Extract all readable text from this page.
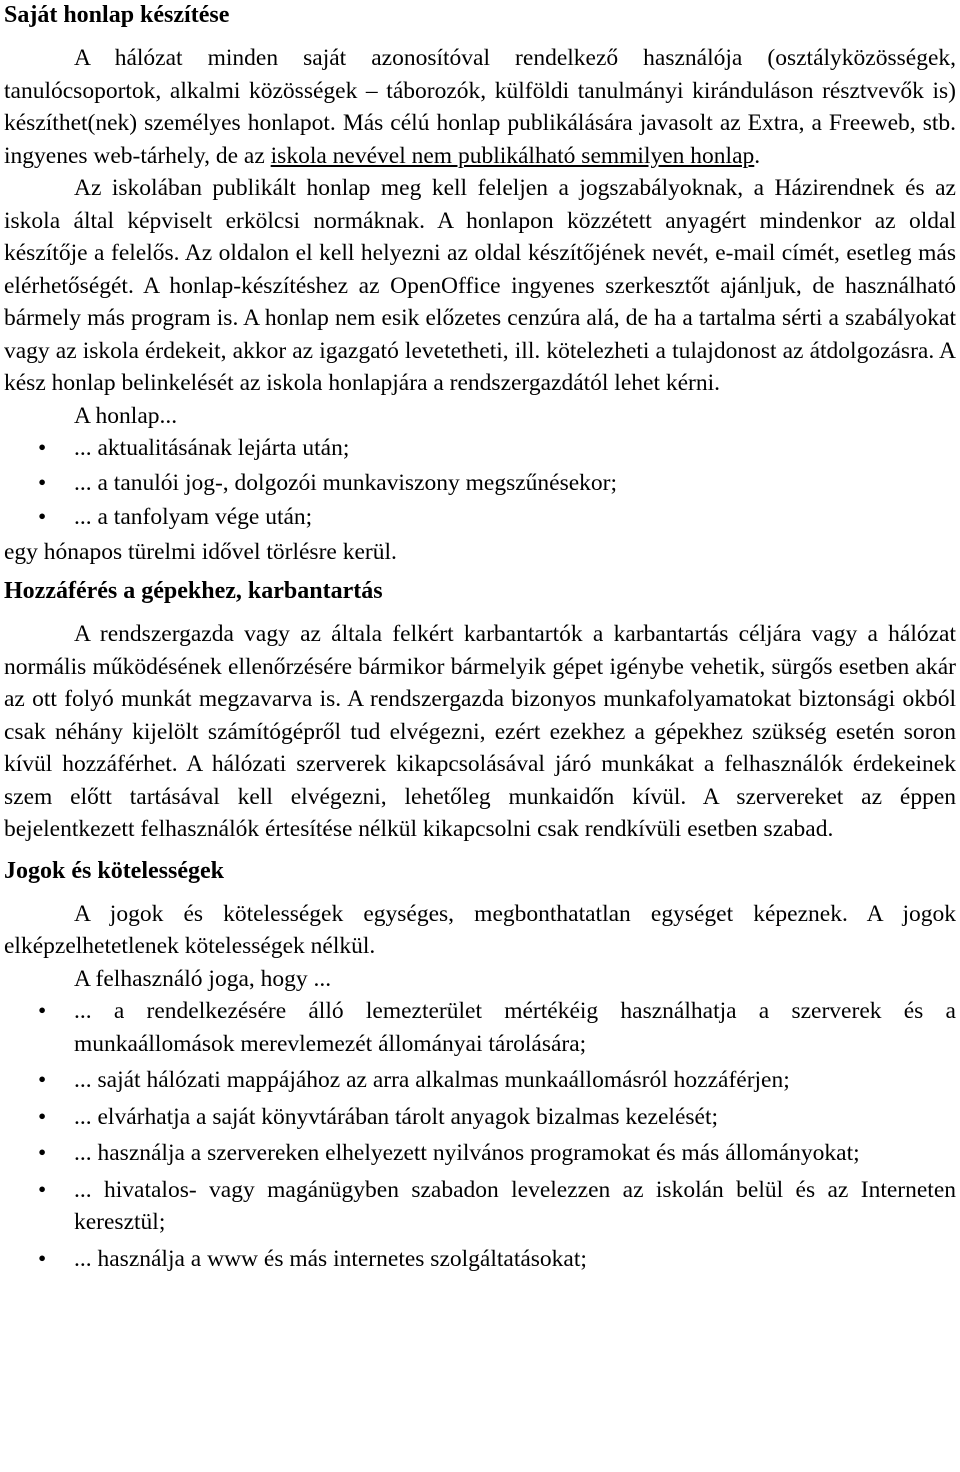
Saját honlap készítése

A hálózat minden saját azonosítóval rendelkező használója (osztályközösségek, tanulócsoportok, alkalmi közösségek – táborozók, külföldi tanulmányi kiránduláson résztvevők is) készíthet(nek) személyes honlapot. Más célú honlap publikálására javasolt az Extra, a Freeweb, stb. ingyenes web-tárhely, de az iskola nevével nem publikálható semmilyen honlap.

Az iskolában publikált honlap meg kell feleljen a jogszabályoknak, a Házirendnek és az iskola által képviselt erkölcsi normáknak. A honlapon közzétett anyagért mindenkor az oldal készítője a felelős. Az oldalon el kell helyezni az oldal készítőjének nevét, e-mail címét, esetleg más elérhetőségét. A honlap-készítéshez az OpenOffice ingyenes szerkesztőt ajánljuk, de használható bármely más program is. A honlap nem esik előzetes cenzúra alá, de ha a tartalma sérti a szabályokat vagy az iskola érdekeit, akkor az igazgató levetetheti, ill. kötelezheti a tulajdonost az átdolgozásra. A kész honlap belinkelését az iskola honlapjára a rendszergazdától lehet kérni.

A honlap...

• ... aktualitásának lejárta után;
• ... a tanulói jog-, dolgozói munkaviszony megszűnésekor;
• ... a tanfolyam vége után;

egy hónapos türelmi idővel törlésre kerül.

Hozzáférés a gépekhez, karbantartás

A rendszergazda vagy az általa felkért karbantartók a karbantartás céljára vagy a hálózat normális működésének ellenőrzésére bármikor bármelyik gépet igénybe vehetik, sürgős esetben akár az ott folyó munkát megzavarva is. A rendszergazda bizonyos munkafolyamatokat biztonsági okból csak néhány kijelölt számítógépről tud elvégezni, ezért ezekhez a gépekhez szükség esetén soron kívül hozzáférhet. A hálózati szerverek kikapcsolásával járó munkákat a felhasználók érdekeinek szem előtt tartásával kell elvégezni, lehetőleg munkaidőn kívül. A szervereket az éppen bejelentkezett felhasználók értesítése nélkül kikapcsolni csak rendkívüli esetben szabad.

Jogok és kötelességek

A jogok és kötelességek egységes, megbonthatatlan egységet képeznek. A jogok elképzelhetetlenek kötelességek nélkül.

A felhasználó joga, hogy ...

• ... a rendelkezésére álló lemezterület mértékéig használhatja a szerverek és a munkaállomások merevlemezét állományai tárolására;
• ... saját hálózati mappájához az arra alkalmas munkaállomásról hozzáférjen;
• ... elvárhatja a saját könyvtárában tárolt anyagok bizalmas kezelését;
• ... használja a szervereken elhelyezett nyilvános programokat és más állományokat;
• ... hivatalos- vagy magánügyben szabadon levelezzen az iskolán belül és az Interneten keresztül;
• ... használja a www és más internetes szolgáltatásokat;
